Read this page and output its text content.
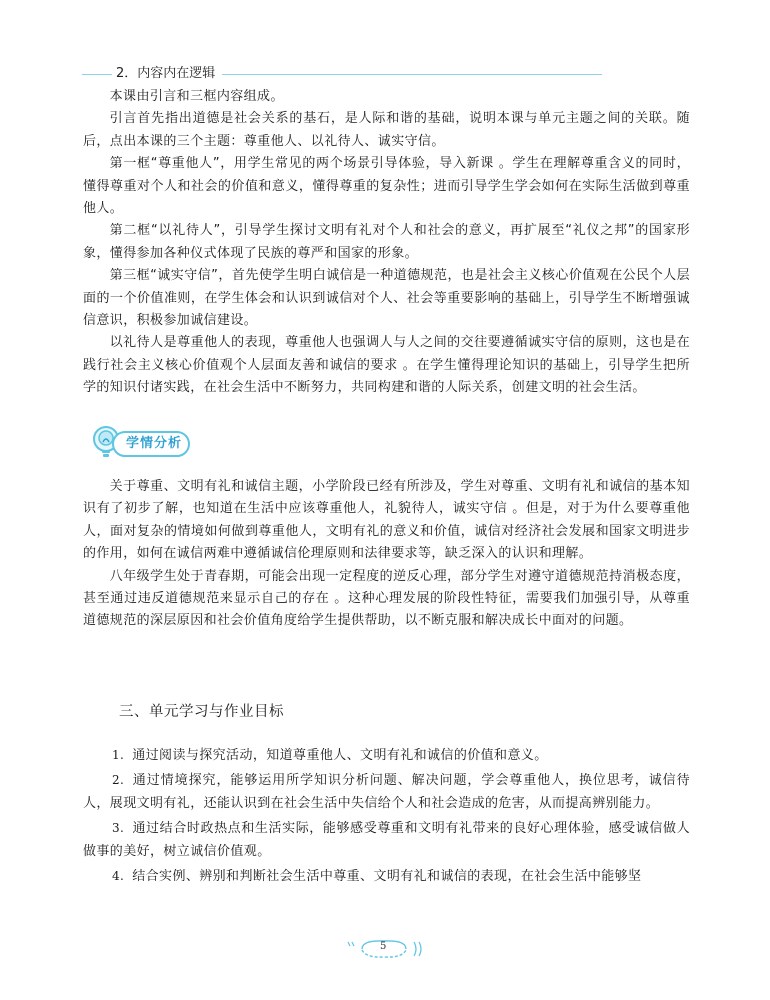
2．内容内在逻辑

本课由引言和三框内容组成。

引言首先指出道德是社会关系的基石，是人际和谐的基础，说明本课与单元主题之间的关联。随后，点出本课的三个主题：尊重他人、以礼待人、诚实守信。

第一框“尊重他人”，用学生常见的两个场景引导体验，导入新课 。学生在理解尊重含义的同时，懂得尊重对个人和社会的价值和意义，懂得尊重的复杂性；进而引导学生学会如何在实际生活做到尊重他人。

第二框“以礼待人”，引导学生探讨文明有礼对个人和社会的意义，再扩展至“礼仪之邦”的国家形象，懂得参加各种仪式体现了民族的尊严和国家的形象。

第三框“诚实守信”，首先使学生明白诚信是一种道德规范，也是社会主义核心价值观在公民个人层面的一个价值准则，在学生体会和认识到诚信对个人、社会等重要影响的基础上，引导学生不断增强诚信意识，积极参加诚信建设。

以礼待人是尊重他人的表现，尊重他人也强调人与人之间的交往要遵循诚实守信的原则，这也是在践行社会主义核心价值观个人层面友善和诚信的要求 。在学生懂得理论知识的基础上，引导学生把所学的知识付诸实践，在社会生活中不断努力，共同构建和谐的人际关系，创建文明的社会生活。

学情分析

关于尊重、文明有礼和诚信主题，小学阶段已经有所涉及，学生对尊重、文明有礼和诚信的基本知识有了初步了解，也知道在生活中应该尊重他人，礼貌待人，诚实守信 。但是，对于为什么要尊重他人，面对复杂的情境如何做到尊重他人，文明有礼的意义和价值，诚信对经济社会发展和国家文明进步的作用，如何在诚信两难中遵循诚信伦理原则和法律要求等，缺乏深入的认识和理解。

八年级学生处于青春期，可能会出现一定程度的逆反心理，部分学生对遵守道德规范持消极态度，甚至通过违反道德规范来显示自己的存在 。这种心理发展的阶段性特征，需要我们加强引导，从尊重道德规范的深层原因和社会价值角度给学生提供帮助，以不断克服和解决成长中面对的问题。

三、单元学习与作业目标

1. 通过阅读与探究活动，知道尊重他人、文明有礼和诚信的价值和意义。

2. 通过情境探究，能够运用所学知识分析问题、解决问题，学会尊重他人，换位思考，诚信待人，展现文明有礼，还能认识到在社会生活中失信给个人和社会造成的危害，从而提高辨别能力。

3. 通过结合时政热点和生活实际，能够感受尊重和文明有礼带来的良好心理体验，感受诚信做人做事的美好，树立诚信价值观。

4. 结合实例、辨别和判断社会生活中尊重、文明有礼和诚信的表现，在社会生活中能够坚

5
